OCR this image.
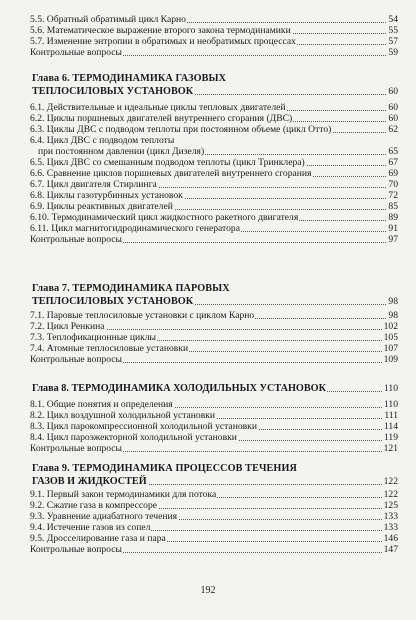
5.5. Обратный обратимый цикл Карно	54
5.6. Математическое выражение второго закона термодинамики	55
5.7. Изменение энтропии в обратимых и необратимых процессах	57
Контрольные вопросы	59
Глава 6. ТЕРМОДИНАМИКА ГАЗОВЫХ
ТЕПЛОСИЛОВЫХ УСТАНОВОК	60
6.1. Действительные и идеальные циклы тепловых двигателей	60
6.2. Циклы поршневых двигателей внутреннего сгорания (ДВС)	60
6.3. Циклы ДВС с подводом теплоты при постоянном объеме (цикл Отто)	62
6.4. Цикл ДВС с подводом теплоты
при постоянном давлении (цикл Дизеля)	65
6.5. Цикл ДВС со смешанным подводом теплоты (цикл Тринклера)	67
6.6. Сравнение циклов поршневых двигателей внутреннего сгорания	69
6.7. Цикл двигателя Стирлинга	70
6.8. Циклы газотурбинных установок	72
6.9. Циклы реактивных двигателей	85
6.10. Термодинамический цикл жидкостного ракетного двигателя	89
6.11. Цикл магнитогидродинамического генератора	91
Контрольные вопросы	97
Глава 7. ТЕРМОДИНАМИКА ПАРОВЫХ
ТЕПЛОСИЛОВЫХ УСТАНОВОК	98
7.1. Паровые теплосиловые установки с циклом Карно	98
7.2. Цикл Ренкина	102
7.3. Теплофикационные циклы	105
7.4. Атомные теплосиловые установки	107
Контрольные вопросы	109
Глава 8. ТЕРМОДИНАМИКА ХОЛОДИЛЬНЫХ УСТАНОВОК	110
8.1. Общие понятия и определения	110
8.2. Цикл воздушной холодильной установки	111
8.3. Цикл парокомпрессионной холодильной установки	114
8.4. Цикл пароэжекторной холодильной установки	119
Контрольные вопросы	121
Глава 9. ТЕРМОДИНАМИКА ПРОЦЕССОВ ТЕЧЕНИЯ
ГАЗОВ И ЖИДКОСТЕЙ	122
9.1. Первый закон термодинамики для потока	122
9.2. Сжатие газа в компрессоре	125
9.3. Уравнение адиабатного течения	133
9.4. Истечение газов из сопел	133
9.5. Дросселирование газа и пара	146
Контрольные вопросы	147
192
